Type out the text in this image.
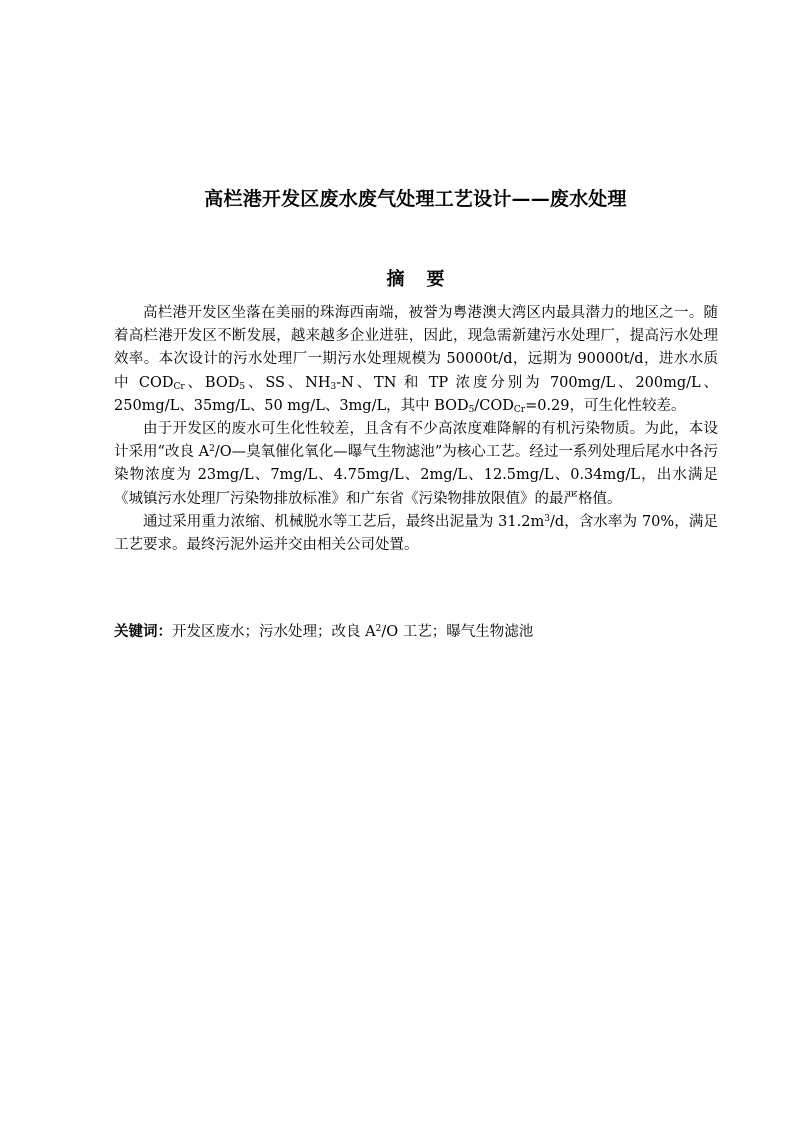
高栏港开发区废水废气处理工艺设计——废水处理
摘 要

高栏港开发区坐落在美丽的珠海西南端，被誉为粤港澳大湾区内最具潜力的地区之一。随着高栏港开发区不断发展，越来越多企业进驻，因此，现急需新建污水处理厂，提高污水处理效率。本次设计的污水处理厂一期污水处理规模为 50000t/d，远期为 90000t/d，进水水质中 $COD_{Cr}$、$BOD_5$、SS、$NH_3-N$、TN 和 TP 浓度分别为 700mg/L、200mg/L、250mg/L、35mg/L、50 mg/L、3mg/L，其中 $BOD_5/COD_{Cr}=0.29$，可生化性较差。

由于开发区的废水可生化性较差，且含有不少高浓度难降解的有机污染物质。为此，本设计采用“改良 $A^2/O—$臭氧催化氧化—曝气生物滤池”为核心工艺。经过一系列处理后尾水中各污染物浓度为 23mg/L、7mg/L、4.75mg/L、2mg/L、12.5mg/L、0.34mg/L，出水满足《城镇污水处理厂污染物排放标准》和广东省《污染物排放限值》的最严格值。

通过采用重力浓缩、机械脱水等工艺后，最终出泥量为 $31.2m^3/d$，含水率为 70%，满足工艺要求。最终污泥外运并交由相关公司处置。

关键词：开发区废水；污水处理；改良 $A^2/O$ 工艺；曝气生物滤池
